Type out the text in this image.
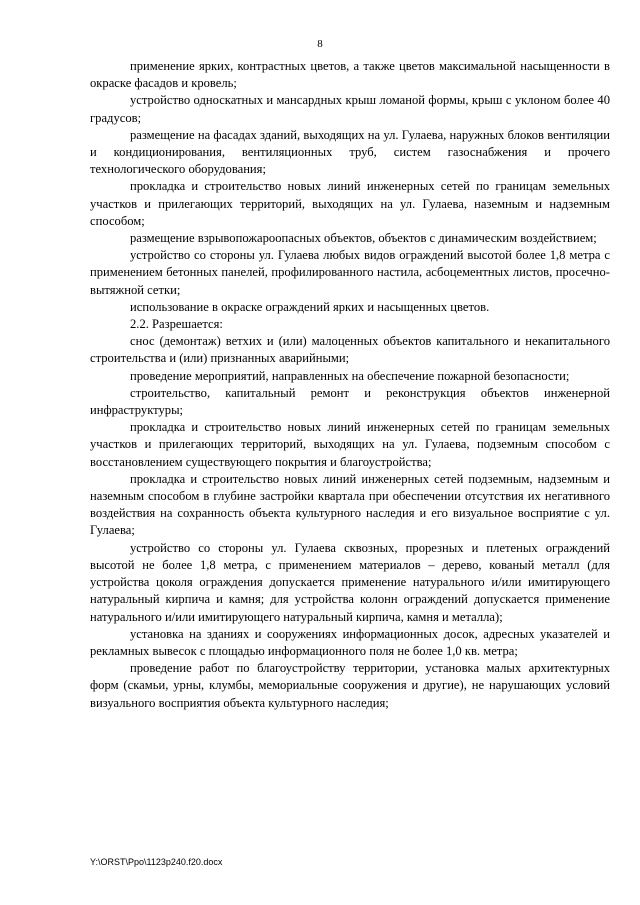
8

применение ярких, контрастных цветов, а также цветов максимальной насыщенности в окраске фасадов и кровель;

устройство односкатных и мансардных крыш ломаной формы, крыш с уклоном более 40 градусов;

размещение на фасадах зданий, выходящих на ул. Гулаева, наружных блоков вентиляции и кондиционирования, вентиляционных труб, систем газоснабжения и прочего технологического оборудования;

прокладка и строительство новых линий инженерных сетей по границам земельных участков и прилегающих территорий, выходящих на ул. Гулаева, наземным и надземным способом;

размещение взрывопожароопасных объектов, объектов с динамическим воздействием;

устройство со стороны ул. Гулаева любых видов ограждений высотой более 1,8 метра с применением бетонных панелей, профилированного настила, асбоцементных листов, просечно-вытяжной сетки;

использование в окраске ограждений ярких и насыщенных цветов.

2.2. Разрешается:

снос (демонтаж) ветхих и (или) малоценных объектов капитального и некапитального строительства и (или) признанных аварийными;

проведение мероприятий, направленных на обеспечение пожарной безопасности;

строительство, капитальный ремонт и реконструкция объектов инженерной инфраструктуры;

прокладка и строительство новых линий инженерных сетей по границам земельных участков и прилегающих территорий, выходящих на ул. Гулаева, подземным способом с восстановлением существующего покрытия и благоустройства;

прокладка и строительство новых линий инженерных сетей подземным, надземным и наземным способом в глубине застройки квартала при обеспечении отсутствия их негативного воздействия на сохранность объекта культурного наследия и его визуальное восприятие с ул. Гулаева;

устройство со стороны ул. Гулаева сквозных, прорезных и плетеных ограждений высотой не более 1,8 метра, с применением материалов – дерево, кованый металл (для устройства цоколя ограждения допускается применение натурального и/или имитирующего натуральный кирпича и камня; для устройства колонн ограждений допускается применение натурального и/или имитирующего натуральный кирпича, камня и металла);

установка на зданиях и сооружениях информационных досок, адресных указателей и рекламных вывесок с площадью информационного поля не более 1,0 кв. метра;

проведение работ по благоустройству территории, установка малых архитектурных форм (скамьи, урны, клумбы, мемориальные сооружения и другие), не нарушающих условий визуального восприятия объекта культурного наследия;

Y:\ORST\Ppo\1123p240.f20.docx
